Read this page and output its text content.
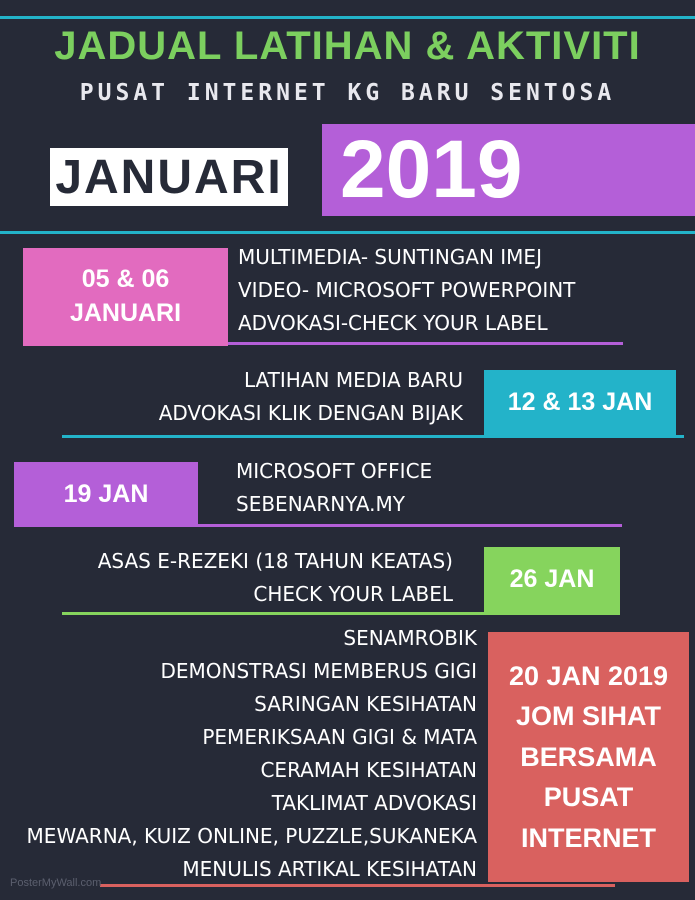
JADUAL LATIHAN & AKTIVITI
PUSAT INTERNET KG BARU SENTOSA
JANUARI 2019
05 & 06
JANUARI
MULTIMEDIA- SUNTINGAN IMEJ
VIDEO- MICROSOFT POWERPOINT
ADVOKASI-CHECK YOUR LABEL
LATIHAN MEDIA BARU
ADVOKASI KLIK DENGAN BIJAK 12 & 13 JAN
19 JAN
MICROSOFT OFFICE
SEBENARNYA.MY
ASAS E-REZEKI (18 TAHUN KEATAS)
CHECK YOUR LABEL
26 JAN
SENAMROBIK
DEMONSTRASI MEMBERUS GIGI
SARINGAN KESIHATAN
PEMERIKSAAN GIGI & MATA
CERAMAH KESIHATAN
TAKLIMAT ADVOKASI
MEWARNA, KUIZ ONLINE, PUZZLE,SUKANEKA
MENULIS ARTIKAL KESIHATAN
20 JAN 2019
JOM SIHAT
BERSAMA
PUSAT
INTERNET
PosterMyWall.com
